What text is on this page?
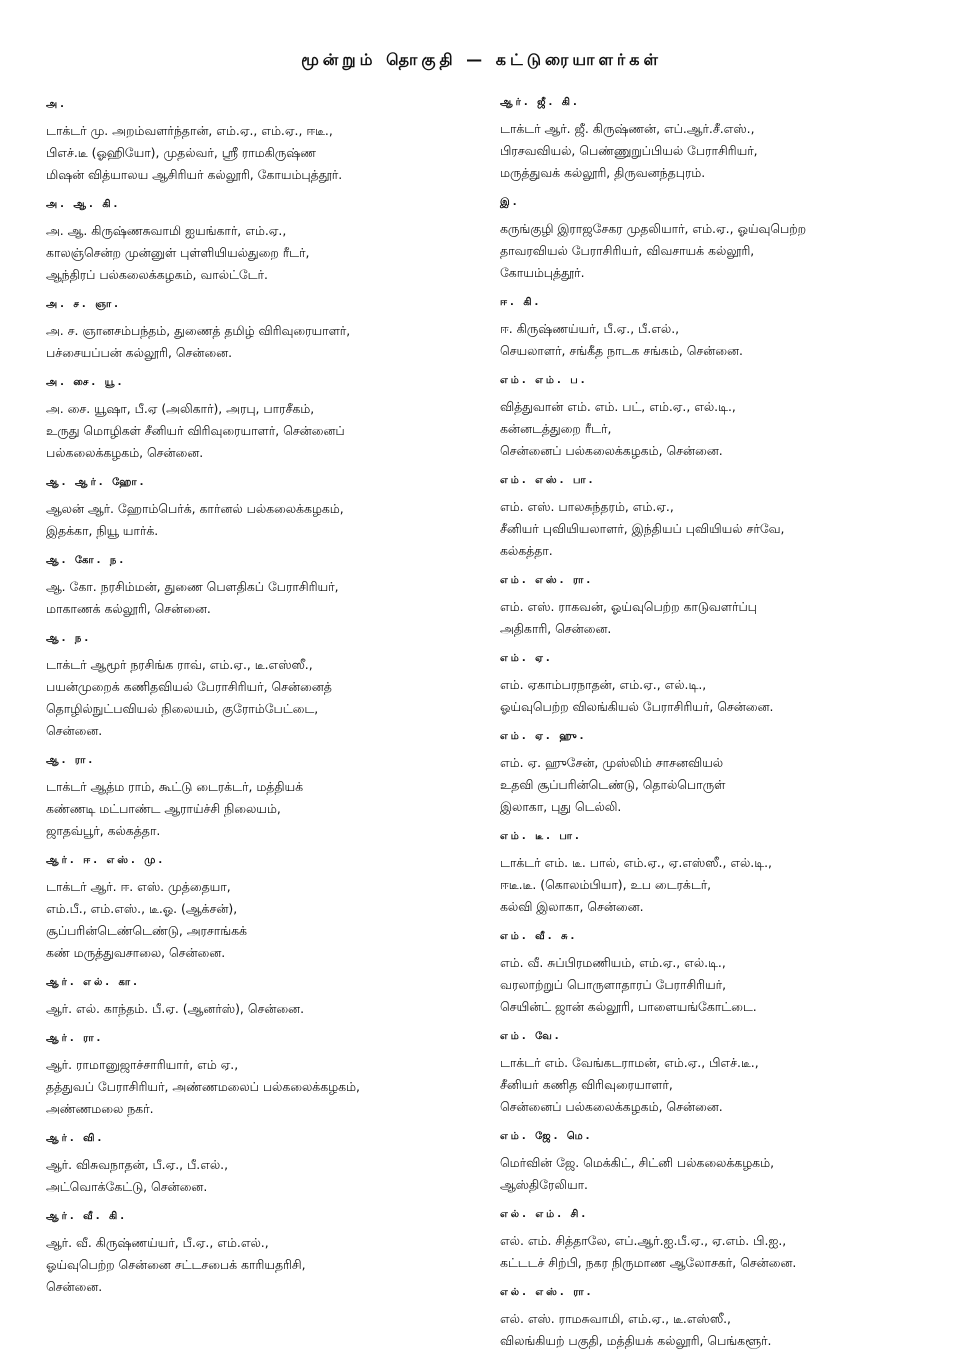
மூன்றும் தொகுதி — கட்டுரையாளர்கள்
அ.
டாக்டர் மு. அறம்வளர்ந்தான், எம்.ஏ., எம்.ஏ., ஈடீ.,
பிஎச்.டீ (ஓஹியோ), முதல்வர், ஸ்ரீ ராமகிருஷ்ண
மிஷன் வித்யாலய ஆசிரியர் கல்லூரி, கோயம்புத்தூர்.
அ. ஆ. கி.
அ. ஆ. கிருஷ்ணசுவாமி ஐயங்கார், எம்.ஏ.,
காலஞ்சென்ற முன்னுள் புள்ளியியல்துறை ரீடர்,
ஆந்திரப் பல்கலைக்கழகம், வால்ட்டேர்.
அ. ச. ஞா.
அ. ச. ஞானசம்பந்தம், துணைத் தமிழ் விரிவுரையாளர்,
பச்சையப்பன் கல்லூரி, சென்னை.
அ. சை. யூ.
அ. சை. யூஷா, பீ.ஏ (அலிகார்), அரபு, பாரசீகம்,
உருது மொழிகள் சீனியர் விரிவுரையாளர், சென்னைப்
பல்கலைக்கழகம், சென்னை.
ஆ. ஆர். ஹோ.
ஆலன் ஆர். ஹோம்பெர்க், கார்னல் பல்கலைக்கழகம்,
இதக்கா, நியூ யார்க்.
ஆ. கோ. ந.
ஆ. கோ. நரசிம்மன், துணை பௌதிகப் பேராசிரியர்,
மாகாணக் கல்லூரி, சென்னை.
ஆ. ந.
டாக்டர் ஆமூர் நரசிங்க ராவ், எம்.ஏ., டீ.எஸ்ஸீ.,
பயன்முறைக் கணிதவியல் பேராசிரியர், சென்னைத்
தொழில்நுட்பவியல் நிலையம், குரோம்பேட்டை,
சென்னை.
ஆ. ரா.
டாக்டர் ஆத்ம ராம், கூட்டு டைரக்டர், மத்தியக்
கண்ணடி மட்பாண்ட ஆராய்ச்சி நிலையம்,
ஜாதவ்பூர், கல்கத்தா.
ஆர். ஈ. எஸ். மு.
டாக்டர் ஆர். ஈ. எஸ். முத்தையா,
எம்.பீ., எம்.எஸ்., டீ.ஓ. (ஆக்சன்),
சூப்பரின்டெண்டெண்டு, அரசாங்கக்
கண் மருத்துவசாலை, சென்னை.
ஆர். எல். கா.
ஆர். எல். காந்தம். பீ.ஏ. (ஆனர்ஸ்), சென்னை.
ஆர். ரா.
ஆர். ராமானுஜாச்சாரியார், எம் ஏ.,
தத்துவப் பேராசிரியர், அண்ணமலைப் பல்கலைக்கழகம்,
அண்ணமலை நகர்.
ஆர். வி.
ஆர். விசுவநாதன், பீ.ஏ., பீ.எல்.,
அட்வொக்கேட்டு, சென்னை.
ஆர். வீ. கி.
ஆர். வீ. கிருஷ்ணய்யர், பீ.ஏ., எம்.எல்.,
ஓய்வுபெற்ற சென்னை சட்டசபைக் காரியதரிசி,
சென்னை.
ஆர். ஜீ. கி.
டாக்டர் ஆர். ஜீ. கிருஷ்ணன், எப்.ஆர்.சீ.எஸ்.,
பிரசவவியல், பெண்ணுறுப்பியல் பேராசிரியர்,
மருத்துவக் கல்லூரி, திருவனந்தபுரம்.
இ.
கருங்குழி இராஜசேகர முதலியார், எம்.ஏ., ஓய்வுபெற்ற
தாவரவியல் பேராசிரியர், விவசாயக் கல்லூரி,
கோயம்புத்தூர்.
ஈ. கி.
ஈ. கிருஷ்ணய்யர், பீ.ஏ., பீ.எல்.,
செயலாளர், சங்கீத நாடக சங்கம், சென்னை.
எம். எம். ப.
வித்துவான் எம். எம். பட், எம்.ஏ., எல்.டி.,
கன்னடத்துறை ரீடர்,
சென்னைப் பல்கலைக்கழகம், சென்னை.
எம். எஸ். பா.
எம். எஸ். பாலசுந்தரம், எம்.ஏ.,
சீனியர் புவியியலாளர், இந்தியப் புவியியல் சர்வே,
கல்கத்தா.
எம். எஸ். ரா.
எம். எஸ். ராகவன், ஓய்வுபெற்ற காடுவளர்ப்பு
அதிகாரி, சென்னை.
எம். ஏ.
எம். ஏகாம்பரநாதன், எம்.ஏ., எல்.டி.,
ஓய்வுபெற்ற விலங்கியல் பேராசிரியர், சென்னை.
எம். ஏ. ஹு.
எம். ஏ. ஹுசேன், முஸ்லிம் சாசனவியல்
உதவி சூப்பரின்டெண்டு, தொல்பொருள்
இலாகா, புது டெல்லி.
எம். டீ. பா.
டாக்டர் எம். டீ. பால், எம்.ஏ., ஏ.எஸ்ஸீ., எல்.டி.,
ஈடீ.டீ. (கொலம்பியா), உப டைரக்டர்,
கல்வி இலாகா, சென்னை.
எம். வீ. சு.
எம். வீ. சுப்பிரமணியம், எம்.ஏ., எல்.டி.,
வரலாற்றுப் பொருளாதாரப் பேராசிரியர்,
செயின்ட் ஜான் கல்லூரி, பாளையங்கோட்டை.
எம். வே.
டாக்டர் எம். வேங்கடராமன், எம்.ஏ., பிஎச்.டீ.,
சீனியர் கணித விரிவுரையாளர்,
சென்னைப் பல்கலைக்கழகம், சென்னை.
எம். ஜே. மெ.
மெர்வின் ஜே. மெக்கிட், சிட்னி பல்கலைக்கழகம்,
ஆஸ்திரேலியா.
எல். எம். சி.
எல். எம். சித்தாலே, எப்.ஆர்.ஐ.பீ.ஏ., ஏ.எம். பி.ஐ.,
கட்டடச் சிற்பி, நகர நிருமாண ஆலோசகர், சென்னை.
எல். எஸ். ரா.
எல். எஸ். ராமசுவாமி, எம்.ஏ., டீ.எஸ்ஸீ.,
விலங்கியற் பகுதி, மத்தியக் கல்லூரி, பெங்களூர்.
